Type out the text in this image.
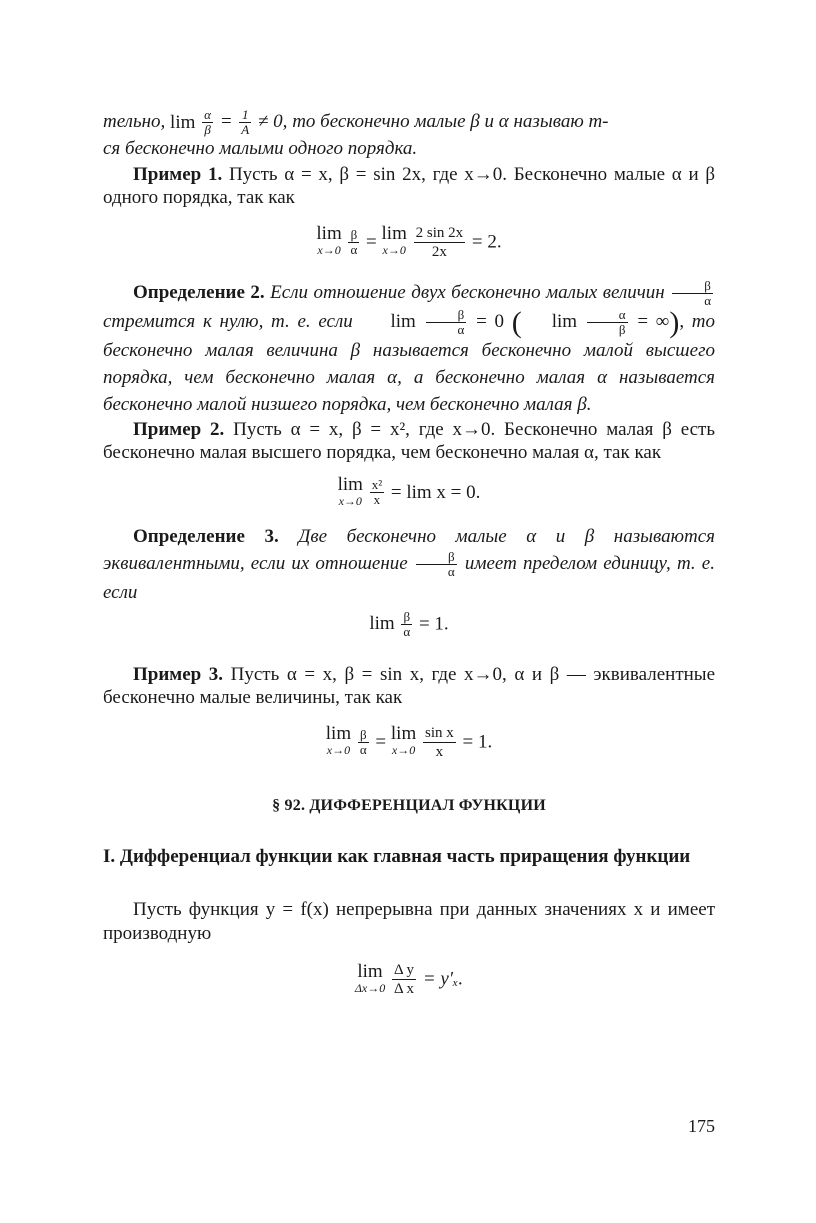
тельно, lim
$\frac{\alpha}{\beta} = \frac{1}{A} \ne 0$, то бесконечно малые β и α называю т-

ся бесконечно малыми одного порядка.

Пример 1. Пусть α = x, β = sin 2x, где x→0. Бесконечно малые α и β одного порядка, так как

lim
x→0
$\frac{\beta}{\alpha} = \lim$
x→0
$\frac{2 \sin 2x}{2x} = 2$.

Определение 2. Если отношение двух бесконечно малых величин $\frac{\beta}{\alpha}$
стремится к нулю, т. е. если	lim
$\frac{\beta}{\alpha} = 0$ (	lim
$\frac{\alpha}{\beta}$ = ∞), то бесконечно малая величина β называется бесконечно малой высшего порядка, чем бесконечно малая α, а бесконечно малая α называется бесконечно малой низшего порядка, чем бесконечно малая β.

Пример 2. Пусть α = x, β = x², где x→0. Бесконечно малая β есть бесконечно малая высшего порядка, чем бесконечно малая α, так как

lim
x→0
$\frac{\text{x²}}{x} = \lim x = 0$.

Определение 3. Две бесконечно малые α и β называются эквивалентными, если их отношение $\frac{\beta}{\alpha}$ имеет пределом единицу, т. е. если

lim
$\frac{\beta}{\alpha} = 1$.

Пример 3. Пусть α = x, β = sin x, где x→0, α и β — эквивалентные бесконечно малые величины, так как

lim
x→0
$\frac{\beta}{\alpha} = \lim$
x→0
$\frac{\text{sin x}}{x} = 1$.
§ 92. ДИФФЕРЕНЦИАЛ ФУНКЦИИ
I. Дифференциал функции как главная часть приращения функции

Пусть функция y = f(x) непрерывна при данных значениях x и имеет производную

lim
Δx→0
$\frac{\text{Δ y}}{\text{Δ x}} = y'_x$.
175
